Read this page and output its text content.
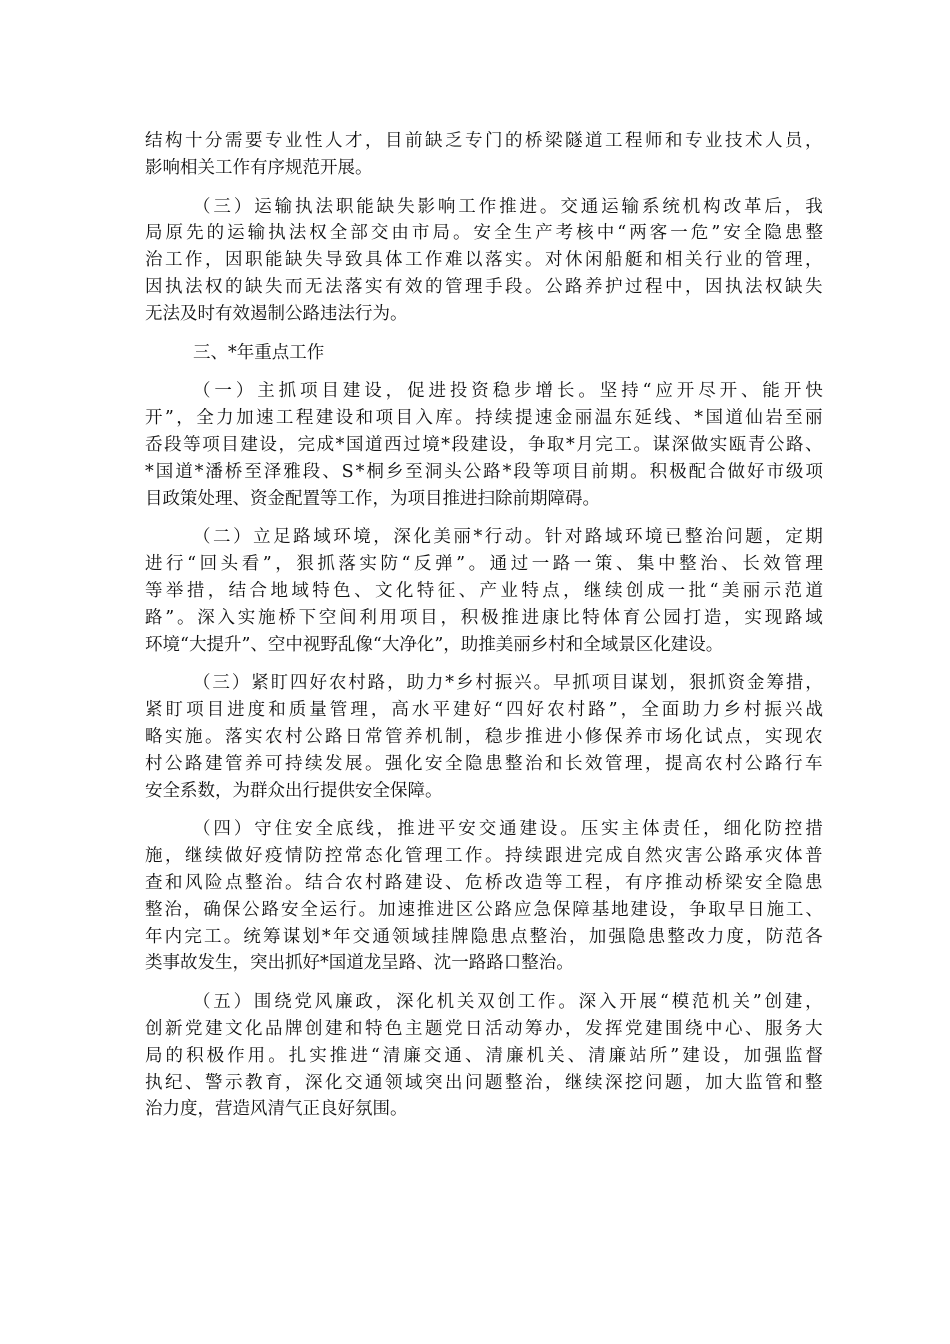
结 构 十 分 需 要 专 业 性 人 才 ， 目 前 缺 乏 专 门 的 桥 梁 隧 道 工 程 师 和 专 业 技 术 人 员 ，
影响相关工作有序规范开展。
（ 三 ） 运 输 执 法 职 能 缺 失 影 响 工 作 推 进 。 交 通 运 输 系 统 机 构 改 革 后 ， 我
局 原 先 的 运 输 执 法 权 全 部 交 由 市 局 。 安 全 生 产 考 核 中 “ 两 客 一 危 ” 安 全 隐 患 整
治 工 作 ， 因 职 能 缺 失 导 致 具 体 工 作 难 以 落 实 。 对 休 闲 船 艇 和 相 关 行 业 的 管 理 ，
因 执 法 权 的 缺 失 而 无 法 落 实 有 效 的 管 理 手 段 。 公 路 养 护 过 程 中 ， 因 执 法 权 缺 失
无法及时有效遏制公路违法行为。
三、*年重点工作
（ 一 ） 主 抓 项 目 建 设 ， 促 进 投 资 稳 步 增 长 。 坚 持 “ 应 开 尽 开 、 能 开 快
开 ” ， 全 力 加 速 工 程 建 设 和 项 目 入 库 。 持 续 提 速 金 丽 温 东 延 线 、 * 国 道 仙 岩 至 丽
岙 段 等 项 目 建 设 ， 完 成 * 国 道 西 过 境 * 段 建 设 ， 争 取 * 月 完 工 。 谋 深 做 实 瓯 青 公 路 、
* 国 道 * 潘 桥 至 泽 雅 段 、 S * 桐 乡 至 洞 头 公 路 * 段 等 项 目 前 期 。 积 极 配 合 做 好 市 级 项
目政策处理、资金配置等工作，为项目推进扫除前期障碍。
（ 二 ） 立 足 路 域 环 境 ， 深 化 美 丽 * 行 动 。 针 对 路 域 环 境 已 整 治 问 题 ， 定 期
进 行 “ 回 头 看 ” ， 狠 抓 落 实 防 “ 反 弹 ” 。 通 过 一 路 一 策 、 集 中 整 治 、 长 效 管 理
等 举 措 ， 结 合 地 域 特 色 、 文 化 特 征 、 产 业 特 点 ， 继 续 创 成 一 批 “ 美 丽 示 范 道
路 ” 。 深 入 实 施 桥 下 空 间 利 用 项 目 ， 积 极 推 进 康 比 特 体 育 公 园 打 造 ， 实 现 路 域
环境“大提升”、空中视野乱像“大净化”，助推美丽乡村和全域景区化建设。
（ 三 ） 紧 盯 四 好 农 村 路 ， 助 力 * 乡 村 振 兴 。 早 抓 项 目 谋 划 ， 狠 抓 资 金 筹 措 ，
紧 盯 项 目 进 度 和 质 量 管 理 ， 高 水 平 建 好 “ 四 好 农 村 路 ” ， 全 面 助 力 乡 村 振 兴 战
略 实 施 。 落 实 农 村 公 路 日 常 管 养 机 制 ， 稳 步 推 进 小 修 保 养 市 场 化 试 点 ， 实 现 农
村 公 路 建 管 养 可 持 续 发 展 。 强 化 安 全 隐 患 整 治 和 长 效 管 理 ， 提 高 农 村 公 路 行 车
安全系数，为群众出行提供安全保障。
（ 四 ） 守 住 安 全 底 线 ， 推 进 平 安 交 通 建 设 。 压 实 主 体 责 任 ， 细 化 防 控 措
施 ， 继 续 做 好 疫 情 防 控 常 态 化 管 理 工 作 。 持 续 跟 进 完 成 自 然 灾 害 公 路 承 灾 体 普
查 和 风 险 点 整 治 。 结 合 农 村 路 建 设 、 危 桥 改 造 等 工 程 ， 有 序 推 动 桥 梁 安 全 隐 患
整 治 ， 确 保 公 路 安 全 运 行 。 加 速 推 进 区 公 路 应 急 保 障 基 地 建 设 ， 争 取 早 日 施 工 、
年 内 完 工 。 统 筹 谋 划 * 年 交 通 领 域 挂 牌 隐 患 点 整 治 ， 加 强 隐 患 整 改 力 度 ， 防 范 各
类事故发生，突出抓好*国道龙呈路、沈一路路口整治。
（ 五 ） 围 绕 党 风 廉 政 ， 深 化 机 关 双 创 工 作 。 深 入 开 展 “ 模 范 机 关 ” 创 建 ，
创 新 党 建 文 化 品 牌 创 建 和 特 色 主 题 党 日 活 动 筹 办 ， 发 挥 党 建 围 绕 中 心 、 服 务 大
局 的 积 极 作 用 。 扎 实 推 进 “ 清 廉 交 通 、 清 廉 机 关 、 清 廉 站 所 ” 建 设 ， 加 强 监 督
执 纪 、 警 示 教 育 ， 深 化 交 通 领 域 突 出 问 题 整 治 ， 继 续 深 挖 问 题 ， 加 大 监 管 和 整
治力度，营造风清气正良好氛围。
